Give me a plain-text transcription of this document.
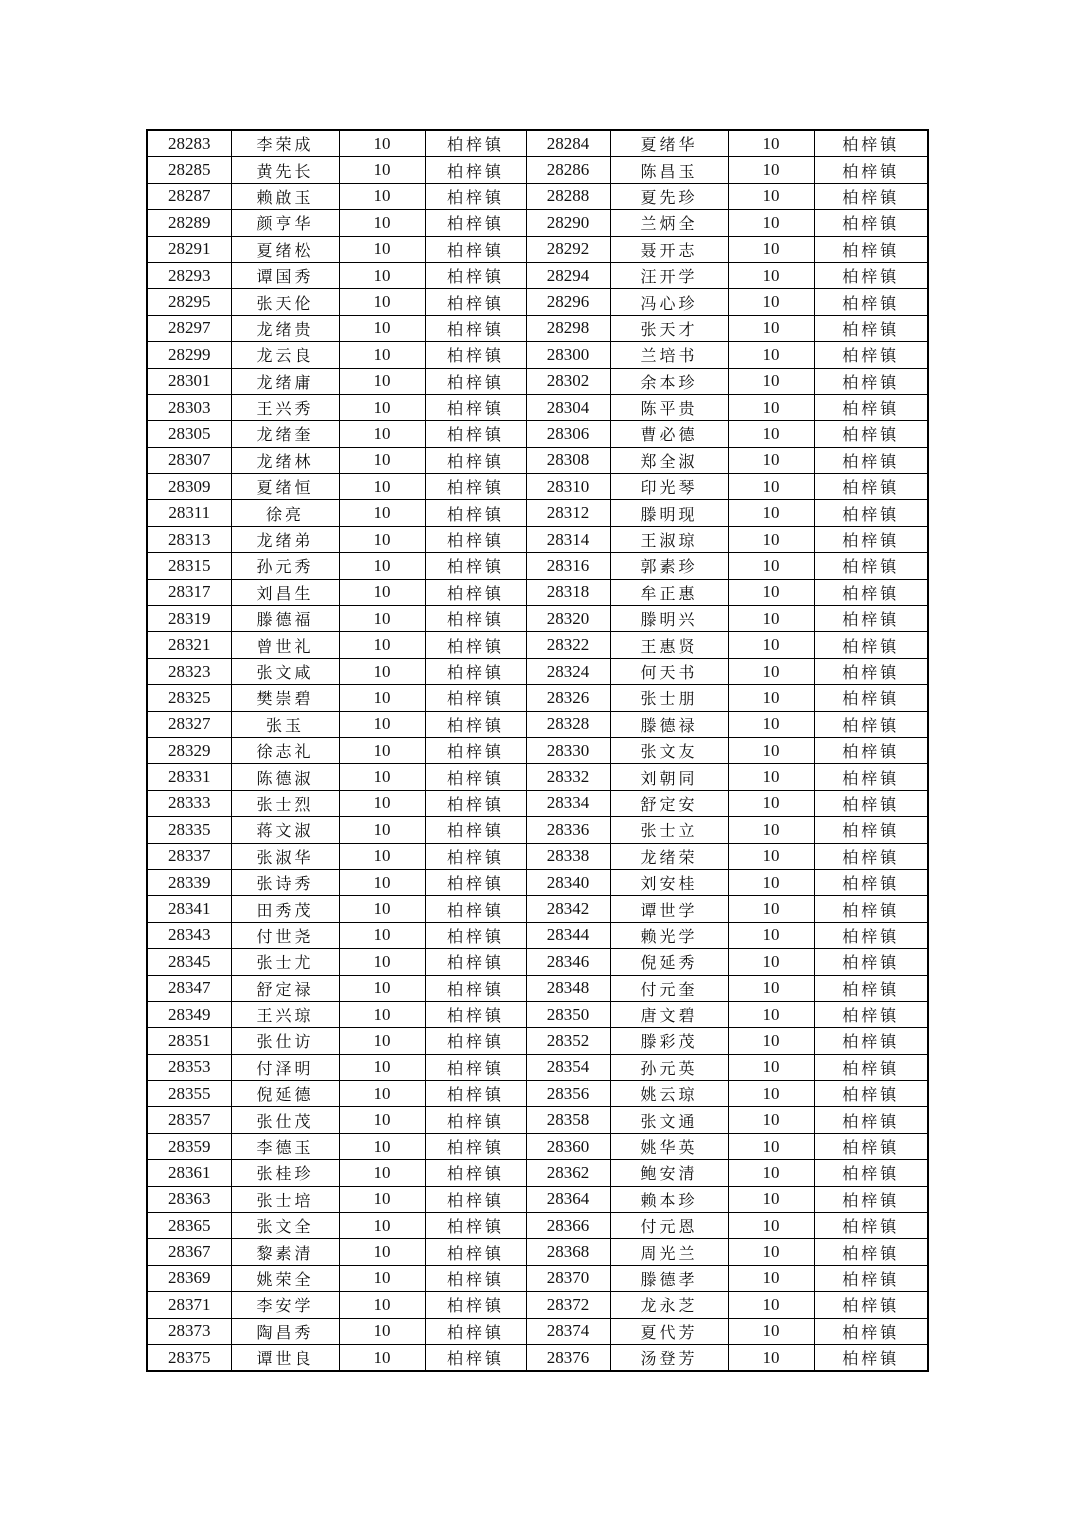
28283	李荣成	10	柏梓镇	28284	夏绪华	10	柏梓镇
28285	黄先长	10	柏梓镇	28286	陈昌玉	10	柏梓镇
28287	赖啟玉	10	柏梓镇	28288	夏先珍	10	柏梓镇
28289	颜亨华	10	柏梓镇	28290	兰炳全	10	柏梓镇
28291	夏绪松	10	柏梓镇	28292	聂开志	10	柏梓镇
28293	谭国秀	10	柏梓镇	28294	汪开学	10	柏梓镇
28295	张天伦	10	柏梓镇	28296	冯心珍	10	柏梓镇
28297	龙绪贵	10	柏梓镇	28298	张天才	10	柏梓镇
28299	龙云良	10	柏梓镇	28300	兰培书	10	柏梓镇
28301	龙绪庸	10	柏梓镇	28302	余本珍	10	柏梓镇
28303	王兴秀	10	柏梓镇	28304	陈平贵	10	柏梓镇
28305	龙绪奎	10	柏梓镇	28306	曹必德	10	柏梓镇
28307	龙绪林	10	柏梓镇	28308	郑全淑	10	柏梓镇
28309	夏绪恒	10	柏梓镇	28310	印光琴	10	柏梓镇
28311	徐亮	10	柏梓镇	28312	滕明现	10	柏梓镇
28313	龙绪弟	10	柏梓镇	28314	王淑琼	10	柏梓镇
28315	孙元秀	10	柏梓镇	28316	郭素珍	10	柏梓镇
28317	刘昌生	10	柏梓镇	28318	牟正惠	10	柏梓镇
28319	滕德福	10	柏梓镇	28320	滕明兴	10	柏梓镇
28321	曾世礼	10	柏梓镇	28322	王惠贤	10	柏梓镇
28323	张文咸	10	柏梓镇	28324	何天书	10	柏梓镇
28325	樊崇碧	10	柏梓镇	28326	张士朋	10	柏梓镇
28327	张玉	10	柏梓镇	28328	滕德禄	10	柏梓镇
28329	徐志礼	10	柏梓镇	28330	张文友	10	柏梓镇
28331	陈德淑	10	柏梓镇	28332	刘朝同	10	柏梓镇
28333	张士烈	10	柏梓镇	28334	舒定安	10	柏梓镇
28335	蒋文淑	10	柏梓镇	28336	张士立	10	柏梓镇
28337	张淑华	10	柏梓镇	28338	龙绪荣	10	柏梓镇
28339	张诗秀	10	柏梓镇	28340	刘安桂	10	柏梓镇
28341	田秀茂	10	柏梓镇	28342	谭世学	10	柏梓镇
28343	付世尧	10	柏梓镇	28344	赖光学	10	柏梓镇
28345	张士尤	10	柏梓镇	28346	倪延秀	10	柏梓镇
28347	舒定禄	10	柏梓镇	28348	付元奎	10	柏梓镇
28349	王兴琼	10	柏梓镇	28350	唐文碧	10	柏梓镇
28351	张仕访	10	柏梓镇	28352	滕彩茂	10	柏梓镇
28353	付泽明	10	柏梓镇	28354	孙元英	10	柏梓镇
28355	倪延德	10	柏梓镇	28356	姚云琼	10	柏梓镇
28357	张仕茂	10	柏梓镇	28358	张文通	10	柏梓镇
28359	李德玉	10	柏梓镇	28360	姚华英	10	柏梓镇
28361	张桂珍	10	柏梓镇	28362	鲍安清	10	柏梓镇
28363	张士培	10	柏梓镇	28364	赖本珍	10	柏梓镇
28365	张文全	10	柏梓镇	28366	付元恩	10	柏梓镇
28367	黎素清	10	柏梓镇	28368	周光兰	10	柏梓镇
28369	姚荣全	10	柏梓镇	28370	滕德孝	10	柏梓镇
28371	李安学	10	柏梓镇	28372	龙永芝	10	柏梓镇
28373	陶昌秀	10	柏梓镇	28374	夏代芳	10	柏梓镇
28375	谭世良	10	柏梓镇	28376	汤登芳	10	柏梓镇
